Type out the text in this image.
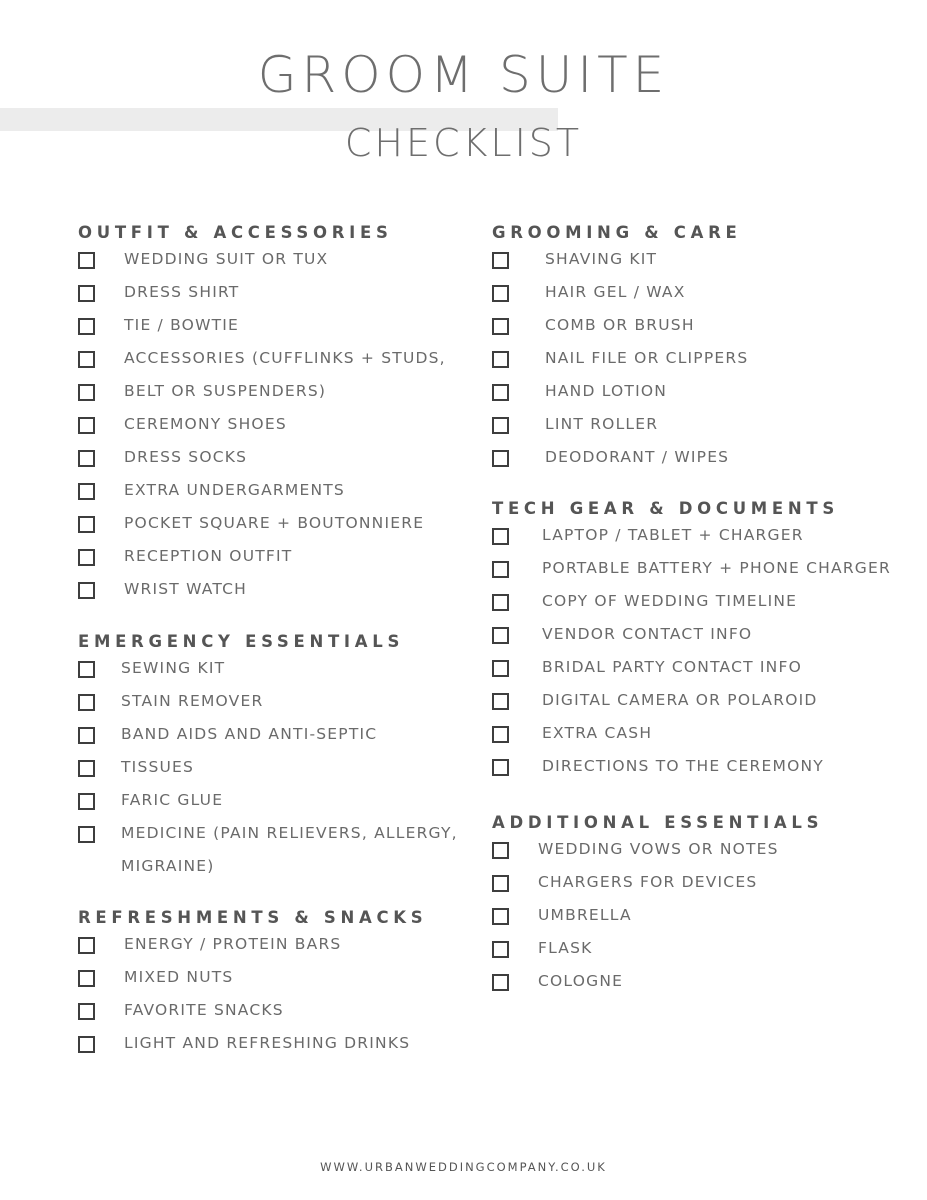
GROOM SUITE
CHECKLIST
OUTFIT & ACCESSORIES
WEDDING SUIT OR TUX
DRESS SHIRT
TIE / BOWTIE
ACCESSORIES (CUFFLINKS + STUDS,
BELT OR SUSPENDERS)
CEREMONY SHOES
DRESS SOCKS
EXTRA UNDERGARMENTS
POCKET SQUARE + BOUTONNIERE
RECEPTION OUTFIT
WRIST WATCH
EMERGENCY ESSENTIALS
SEWING KIT
STAIN REMOVER
BAND AIDS AND ANTI-SEPTIC
TISSUES
FARIC GLUE
MEDICINE (PAIN RELIEVERS, ALLERGY,
MIGRAINE)
REFRESHMENTS & SNACKS
ENERGY / PROTEIN BARS
MIXED NUTS
FAVORITE SNACKS
LIGHT AND REFRESHING DRINKS
GROOMING & CARE
SHAVING KIT
HAIR GEL / WAX
COMB OR BRUSH
NAIL FILE OR CLIPPERS
HAND LOTION
LINT ROLLER
DEODORANT / WIPES
TECH GEAR & DOCUMENTS
LAPTOP / TABLET + CHARGER
PORTABLE BATTERY + PHONE CHARGER
COPY OF WEDDING TIMELINE
VENDOR CONTACT INFO
BRIDAL PARTY CONTACT INFO
DIGITAL CAMERA OR POLAROID
EXTRA CASH
DIRECTIONS TO THE CEREMONY
ADDITIONAL ESSENTIALS
WEDDING VOWS OR NOTES
CHARGERS FOR DEVICES
UMBRELLA
FLASK
COLOGNE
WWW.URBANWEDDINGCOMPANY.CO.UK
